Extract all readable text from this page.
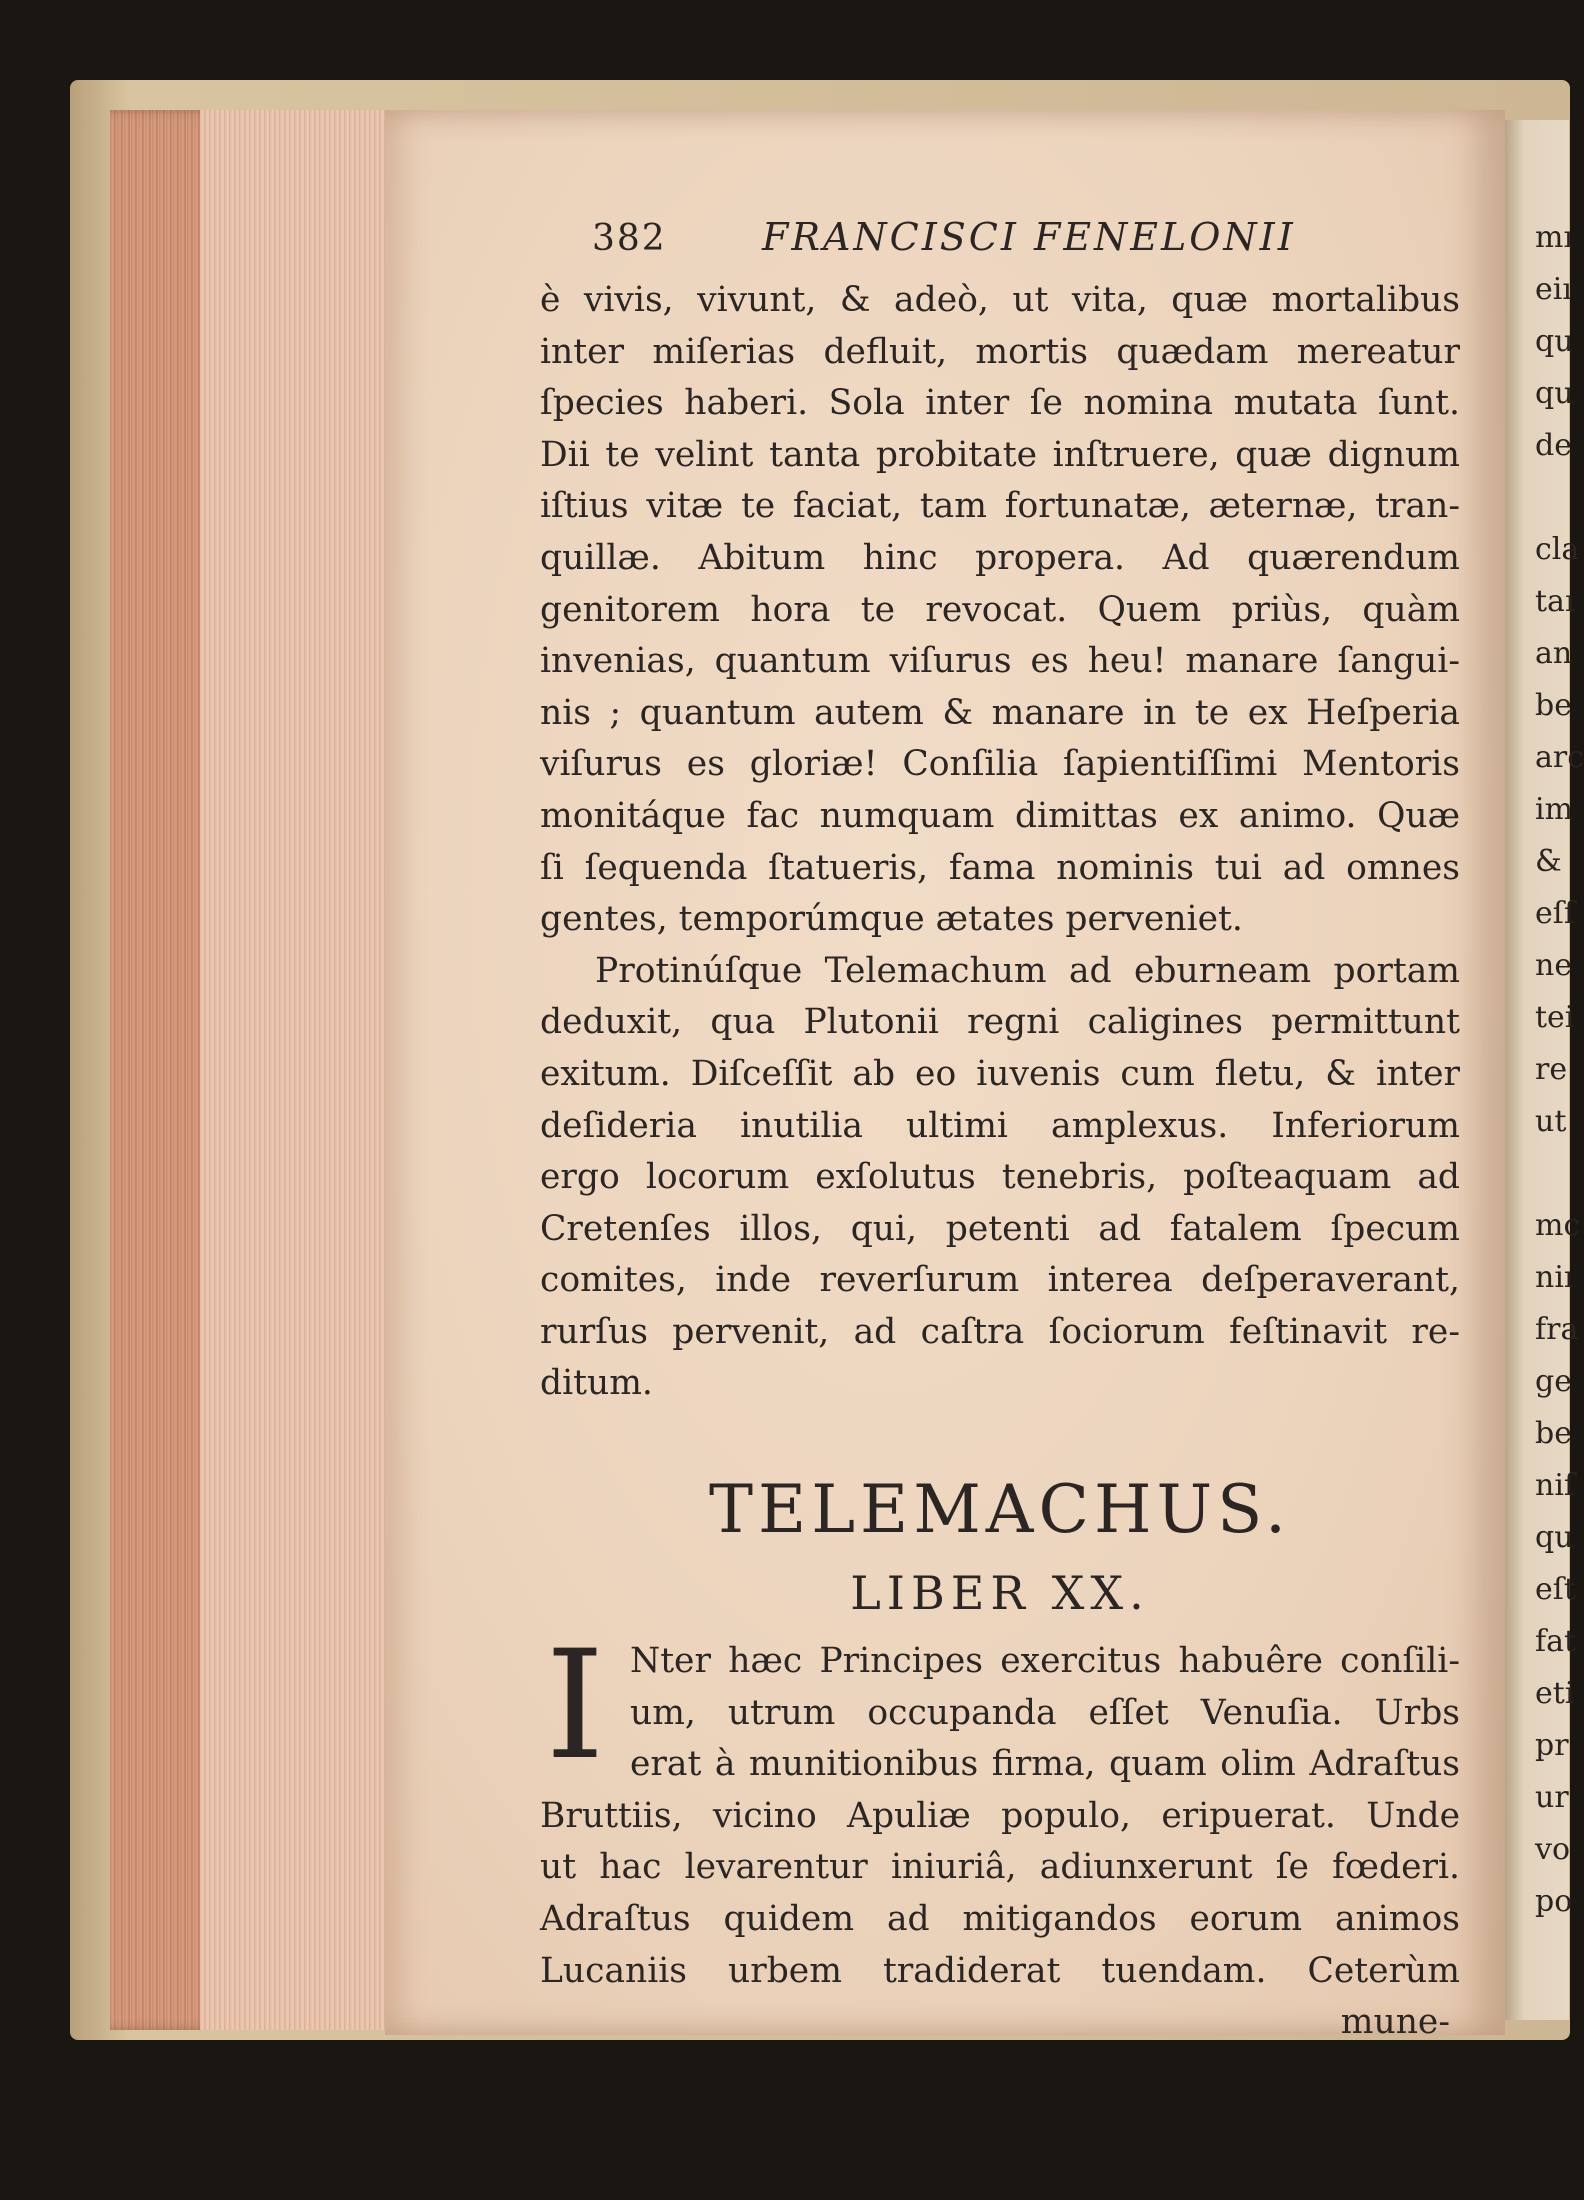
mı
eiı
qu
qu
de

cla
taı
an
be
arc
im
&
eſſ
ne
tei
re
ut

mc
niı
fra
ge
be
niſ
qu
eſt
fat
eti
pr
ur
vo
po
382	FRANCISCI FENELONII
è vivis, vivunt, & adeò, ut vita, quæ mortalibus
inter miſerias defluit, mortis quædam mereatur
ſpecies haberi. Sola inter ſe nomina mutata ſunt.
Dii te velint tanta probitate inſtruere, quæ dignum
iſtius vitæ te faciat, tam fortunatæ, æternæ, tran-
quillæ. Abitum hinc propera. Ad quærendum
genitorem hora te revocat. Quem priùs, quàm
invenias, quantum viſurus es heu! manare ſangui-
nis ; quantum autem & manare in te ex Heſperia
viſurus es gloriæ! Conſilia ſapientiſſimi Mentoris
monitáque fac numquam dimittas ex animo. Quæ
ſi ſequenda ſtatueris, fama nominis tui ad omnes
gentes, temporúmque ætates perveniet.
Protinúſque Telemachum ad eburneam portam
deduxit, qua Plutonii regni caligines permittunt
exitum. Diſceſſit ab eo iuvenis cum fletu, & inter
deſideria inutilia ultimi amplexus. Inferiorum
ergo locorum exſolutus tenebris, poſteaquam ad
Cretenſes illos, qui, petenti ad fatalem ſpecum
comites, inde reverſurum interea deſperaverant,
rurſus pervenit, ad caſtra ſociorum feſtinavit re-
ditum.
TELEMACHUS.
LIBER XX.
I Nter hæc Principes exercitus habuêre conſili-
um, utrum occupanda eſſet Venuſia. Urbs
erat à munitionibus firma, quam olim Adraſtus
Bruttiis, vicino Apuliæ populo, eripuerat. Unde
ut hac levarentur iniuriâ, adiunxerunt ſe fœderi.
Adraſtus quidem ad mitigandos eorum animos
Lucaniis urbem tradiderat tuendam. Ceterùm
mune-
